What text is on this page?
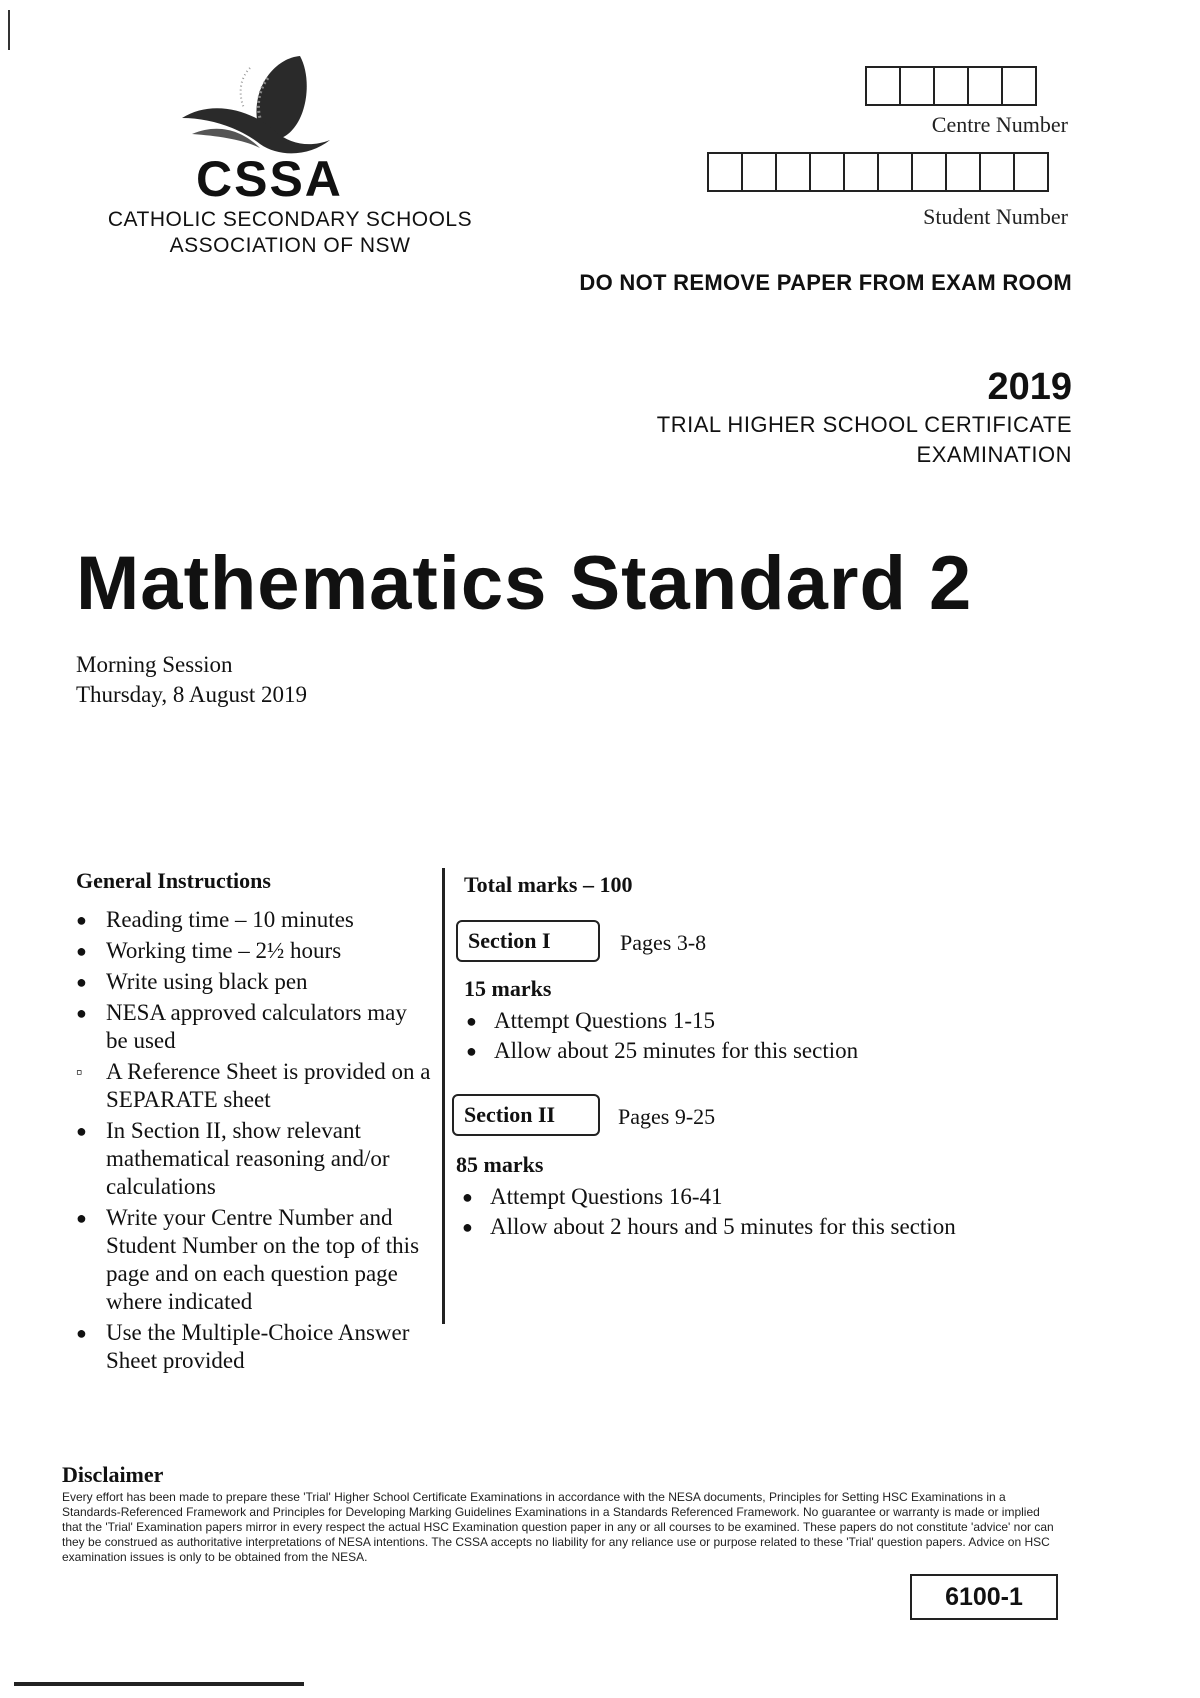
CSSA
CATHOLIC SECONDARY SCHOOLS
ASSOCIATION OF NSW
Centre Number
Student Number
DO NOT REMOVE PAPER FROM EXAM ROOM
2019
TRIAL HIGHER SCHOOL CERTIFICATE
EXAMINATION
Mathematics Standard 2
Morning Session
Thursday, 8 August 2019
General Instructions
● Reading time – 10 minutes
● Working time – 2½ hours
● Write using black pen
● NESA approved calculators may be used
▫ A Reference Sheet is provided on a SEPARATE sheet
● In Section II, show relevant mathematical reasoning and/or calculations
● Write your Centre Number and Student Number on the top of this page and on each question page where indicated
● Use the Multiple-Choice Answer Sheet provided
Total marks – 100
Section I	Pages 3-8
15 marks
● Attempt Questions 1-15
● Allow about 25 minutes for this section
Section II	Pages 9-25
85 marks
● Attempt Questions 16-41
● Allow about 2 hours and 5 minutes for this section
Disclaimer
Every effort has been made to prepare these 'Trial' Higher School Certificate Examinations in accordance with the NESA documents, Principles for Setting HSC Examinations in a Standards-Referenced Framework and Principles for Developing Marking Guidelines Examinations in a Standards Referenced Framework. No guarantee or warranty is made or implied that the 'Trial' Examination papers mirror in every respect the actual HSC Examination question paper in any or all courses to be examined. These papers do not constitute 'advice' nor can they be construed as authoritative interpretations of NESA intentions. The CSSA accepts no liability for any reliance use or purpose related to these 'Trial' question papers. Advice on HSC examination issues is only to be obtained from the NESA.
6100-1
